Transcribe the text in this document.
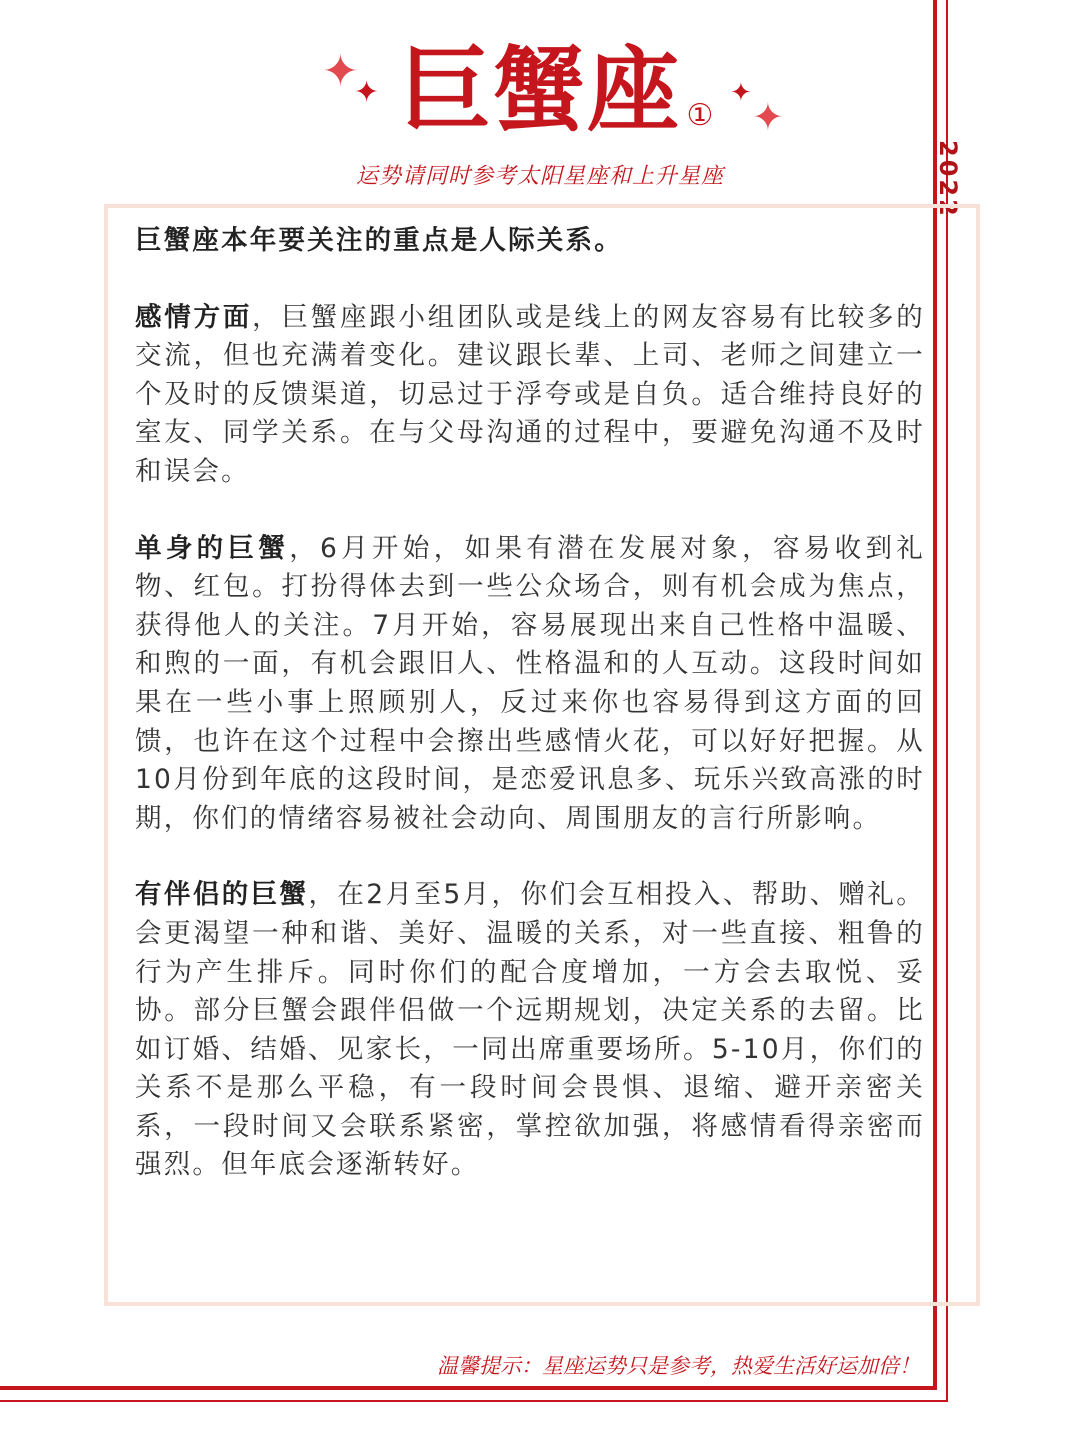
2022
✦
✦	✦
✦
巨蟹座 ①
运势请同时参考太阳星座和上升星座

巨蟹座本年要关注的重点是人际关系。

感情方面，巨蟹座跟小组团队或是线上的网友容易有比较多的交流，但也充满着变化。建议跟长辈、上司、老师之间建立一个及时的反馈渠道，切忌过于浮夸或是自负。适合维持良好的室友、同学关系。在与父母沟通的过程中，要避免沟通不及时和误会。

单身的巨蟹，6月开始，如果有潜在发展对象，容易收到礼物、红包。打扮得体去到一些公众场合，则有机会成为焦点，获得他人的关注。7月开始，容易展现出来自己性格中温暖、和煦的一面，有机会跟旧人、性格温和的人互动。这段时间如果在一些小事上照顾别人，反过来你也容易得到这方面的回馈，也许在这个过程中会擦出些感情火花，可以好好把握。从10月份到年底的这段时间，是恋爱讯息多、玩乐兴致高涨的时期，你们的情绪容易被社会动向、周围朋友的言行所影响。

有伴侣的巨蟹，在2月至5月，你们会互相投入、帮助、赠礼。会更渴望一种和谐、美好、温暖的关系，对一些直接、粗鲁的行为产生排斥。同时你们的配合度增加，一方会去取悦、妥协。部分巨蟹会跟伴侣做一个远期规划，决定关系的去留。比如订婚、结婚、见家长，一同出席重要场所。5-10月，你们的关系不是那么平稳，有一段时间会畏惧、退缩、避开亲密关系，一段时间又会联系紧密，掌控欲加强，将感情看得亲密而强烈。但年底会逐渐转好。

温馨提示：星座运势只是参考，热爱生活好运加倍！
